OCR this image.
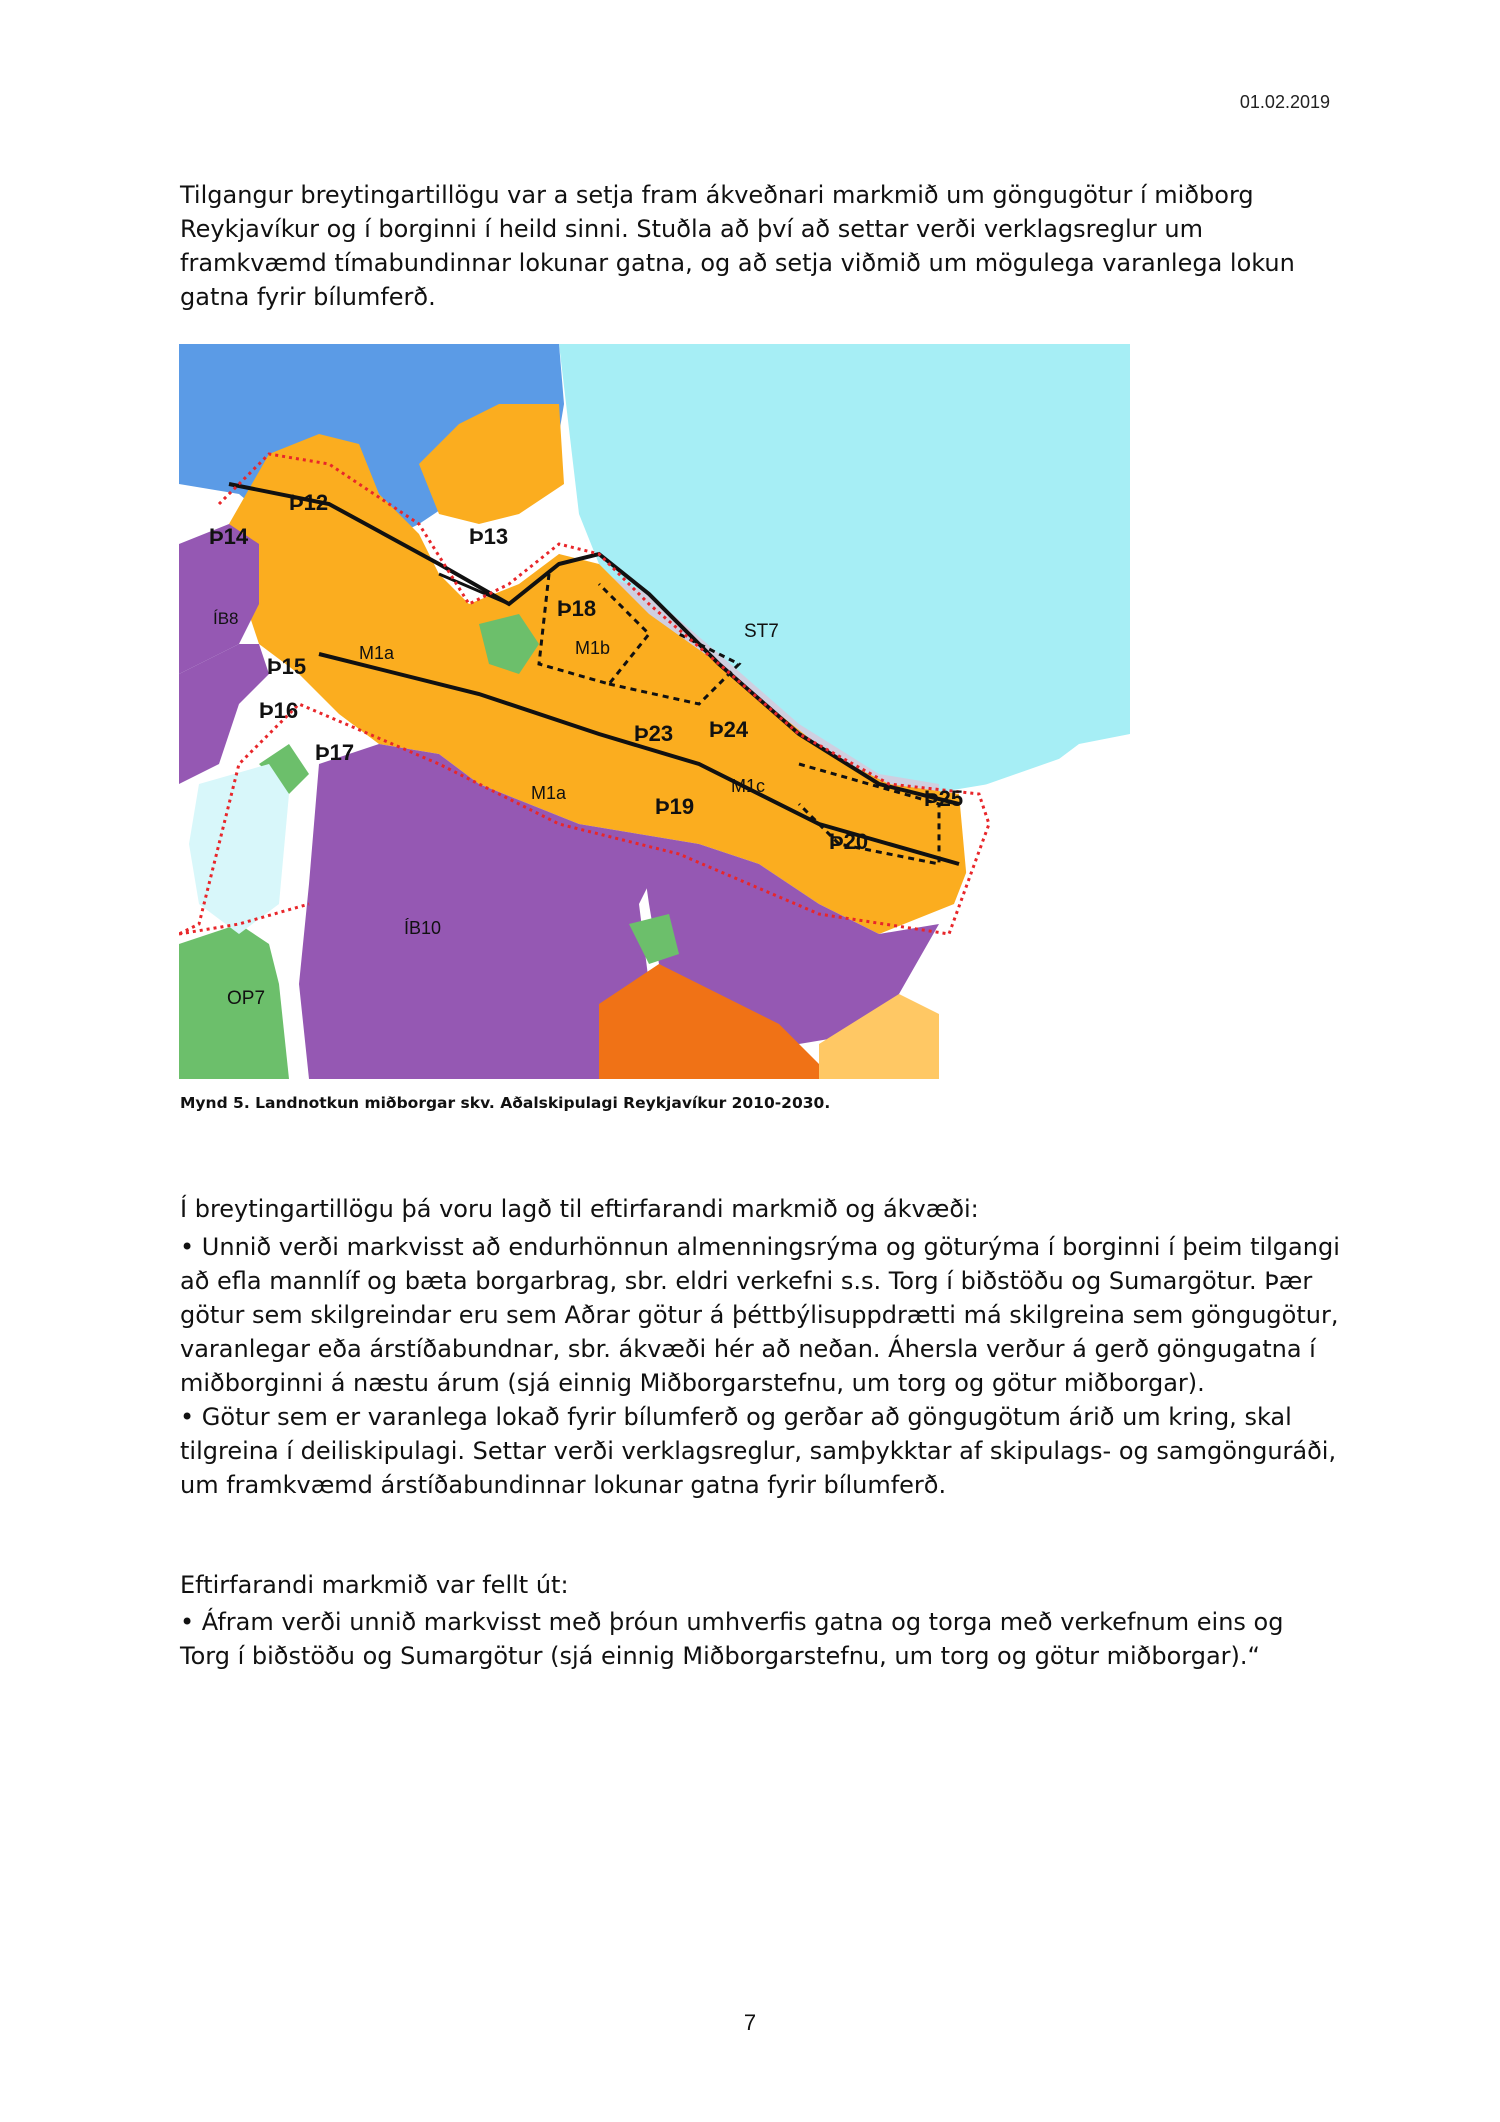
01.02.2019
Tilgangur breytingartillögu var a setja fram ákveðnari markmið um göngugötur í miðborg Reykjavíkur og í borginni í heild sinni. Stuðla að því að settar verði verklagsreglur um framkvæmd tímabundinnar lokunar gatna, og að setja viðmið um mögulega varanlega lokun gatna fyrir bílumferð.
Þ12
Þ13
Þ14
ÍB8
M1a
Þ15
Þ16
Þ17
Þ18
M1b
ST7
Þ23 Þ24
M1a	M1c
Þ19	Þ25
Þ20
ÍB10
OP7
Mynd 5. Landnotkun miðborgar skv. Aðalskipulagi Reykjavíkur 2010-2030.
Í breytingartillögu þá voru lagð til eftirfarandi markmið og ákvæði:

• Unnið verði markvisst að endurhönnun almenningsrýma og göturýma í borginni í þeim tilgangi að efla mannlíf og bæta borgarbrag, sbr. eldri verkefni s.s. Torg í biðstöðu og Sumargötur. Þær götur sem skilgreindar eru sem Aðrar götur á þéttbýlisuppdrætti má skilgreina sem göngugötur, varanlegar eða árstíðabundnar, sbr. ákvæði hér að neðan. Áhersla verður á gerð göngugatna í miðborginni á næstu árum (sjá einnig Miðborgarstefnu, um torg og götur miðborgar).

• Götur sem er varanlega lokað fyrir bílumferð og gerðar að göngugötum árið um kring, skal tilgreina í deiliskipulagi. Settar verði verklagsreglur, samþykktar af skipulags- og samgönguráði, um framkvæmd árstíðabundinnar lokunar gatna fyrir bílumferð.

Eftirfarandi markmið var fellt út:

• Áfram verði unnið markvisst með þróun umhverfis gatna og torga með verkefnum eins og Torg í biðstöðu og Sumargötur (sjá einnig Miðborgarstefnu, um torg og götur miðborgar).“

7
